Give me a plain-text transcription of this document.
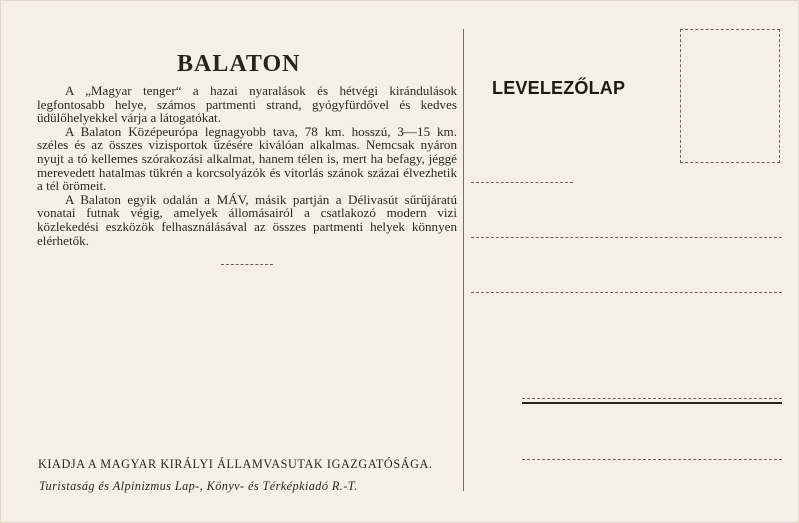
BALATON

A „Magyar tenger“ a hazai nyaralások és hétvégi kirándulások legfontosabb helye, számos partmenti strand, gyógyfürdővel és kedves üdülőhelyekkel várja a látogatókat.

A Balaton Középeurópa legnagyobb tava, 78 km. hosszú, 3—15 km. széles és az összes vizisportok űzésére kiválóan alkalmas. Nemcsak nyáron nyujt a tó kellemes szórakozási alkalmat, hanem télen is, mert ha befagy, jéggé merevedett hatalmas tükrén a korcsolyázók és vitorlás szánok százai élvezhetik a tél örömeit.

A Balaton egyik odalán a MÁV, másik partján a Délivasút sűrűjáratú vonatai futnak végig, amelyek állomásairól a csatlakozó modern vizi közlekedési eszközök felhasználásával az összes partmenti helyek könnyen elérhetők.

KIADJA A MAGYAR KIRÁLYI ÁLLAMVASUTAK IGAZGATÓSÁGA.
Turistaság és Alpinizmus Lap-, Könyv- és Térképkiadó R.-T.
LEVELEZŐLAP
